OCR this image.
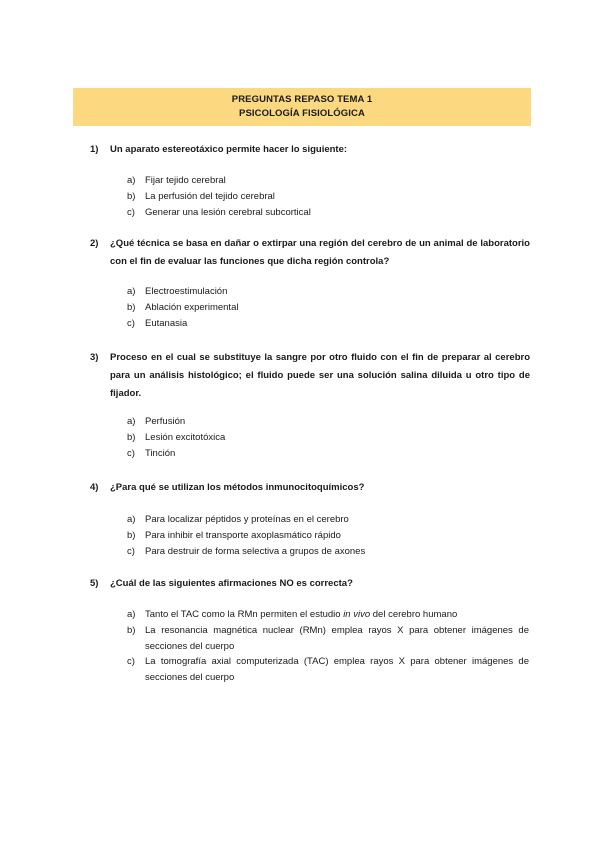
PREGUNTAS REPASO TEMA 1
PSICOLOGÍA FISIOLÓGICA
1)	Un aparato estereotáxico permite hacer lo siguiente:
a) Fijar tejido cerebral
b) La perfusión del tejido cerebral
c) Generar una lesión cerebral subcortical
2)	¿Qué técnica se basa en dañar o extirpar una región del cerebro de un animal de laboratorio con el fin de evaluar las funciones que dicha región controla?
a) Electroestimulación
b) Ablación experimental
c) Eutanasia
3)	Proceso en el cual se substituye la sangre por otro fluido con el fin de preparar al cerebro para un análisis histológico; el fluido puede ser una solución salina diluida u otro tipo de fijador.
a) Perfusión
b) Lesión excitotóxica
c) Tinción
4)	¿Para qué se utilizan los métodos inmunocitoquímicos?
a) Para localizar péptidos y proteínas en el cerebro
b) Para inhibir el transporte axoplasmático rápido
c) Para destruir de forma selectiva a grupos de axones
5)	¿Cuál de las siguientes afirmaciones NO es correcta?
a) Tanto el TAC como la RMn permiten el estudio in vivo del cerebro humano
b) La resonancia magnética nuclear (RMn) emplea rayos X para obtener imágenes de secciones del cuerpo
c) La tomografía axial computerizada (TAC) emplea rayos X para obtener imágenes de secciones del cuerpo
